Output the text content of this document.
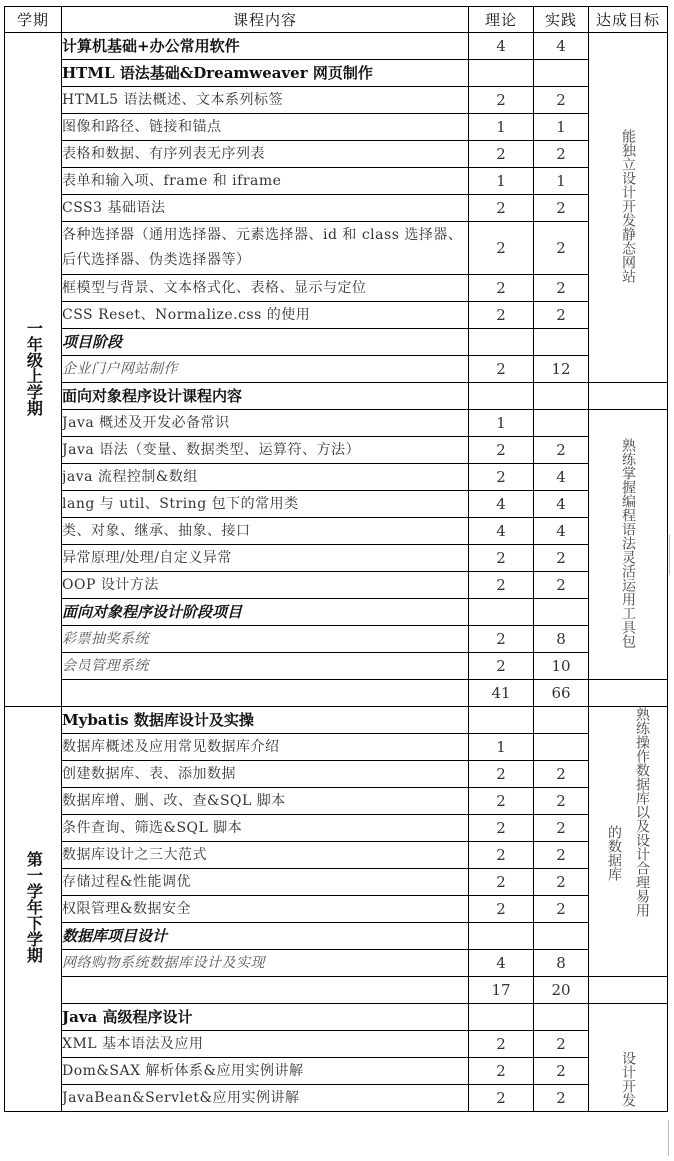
学期	课程内容	理论	实践	达成目标
一年级上学期	计算机基础+办公常用软件	4	4	能独立设计开发静态网站
	HTML 语法基础&Dreamweaver 网页制作			
	HTML5 语法概述、文本系列标签	2	2	
	图像和路径、链接和锚点	1	1	
	表格和数据、有序列表无序列表	2	2	
	表单和输入项、frame 和 iframe	1	1	
	CSS3 基础语法	2	2	
	各种选择器（通用选择器、元素选择器、id 和 class 选择器、后代选择器、伪类选择器等）	2	2	
	框模型与背景、文本格式化、表格、显示与定位	2	2	
	CSS Reset、Normalize.css 的使用	2	2	
	项目阶段			
	企业门户网站制作	2	12	
	面向对象程序设计课程内容			
	Java 概述及开发必备常识	1		熟练掌握编程语法灵活运用工具包
	Java 语法（变量、数据类型、运算符、方法）	2	2	
	java 流程控制&数组	2	4	
	lang 与 util、String 包下的常用类	4	4	
	类、对象、继承、抽象、接口	4	4	
	异常原理/处理/自定义异常	2	2	
	OOP 设计方法	2	2	
	面向对象程序设计阶段项目			
	彩票抽奖系统	2	8	
	会员管理系统	2	10	
		41	66	
第一学年下学期	Mybatis 数据库设计及实操			的数据库 熟练操作数据库以及设计合理易用

	数据库概述及应用常见数据库介绍	1		
	创建数据库、表、添加数据	2	2	
	数据库增、删、改、查&SQL 脚本	2	2	
	条件查询、筛选&SQL 脚本	2	2	
	数据库设计之三大范式	2	2	
	存储过程&性能调优	2	2	
	权限管理&数据安全	2	2	
	数据库项目设计			
	网络购物系统数据库设计及实现	4	8	
		17	20	
	Java 高级程序设计			设计开发
	XML 基本语法及应用	2	2	
	Dom&SAX 解析体系&应用实例讲解	2	2	
	JavaBean&Servlet&应用实例讲解	2	2	
